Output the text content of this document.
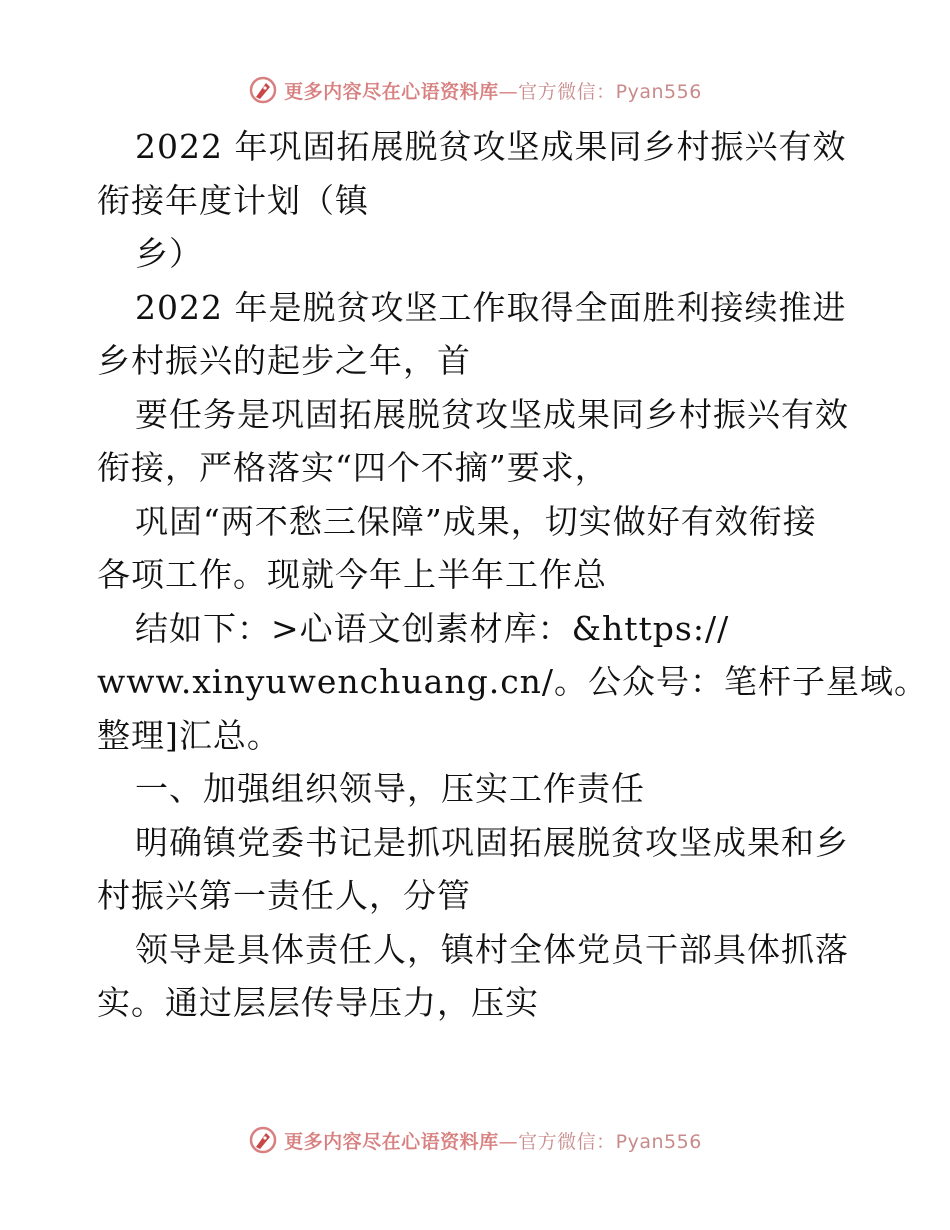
更多内容尽在心语资料库—官方微信：Pyan556
2022 年巩固拓展脱贫攻坚成果同乡村振兴有效
衔接年度计划（镇
乡）
2022 年是脱贫攻坚工作取得全面胜利接续推进
乡村振兴的起步之年，首
要任务是巩固拓展脱贫攻坚成果同乡村振兴有效
衔接，严格落实“四个不摘”要求，
巩固“两不愁三保障”成果，切实做好有效衔接
各项工作。现就今年上半年工作总
结如下：>心语文创素材库：&https://
www.xinyuwenchuang.cn/。公众号：笔杆子星域。
整理]汇总。
一、加强组织领导，压实工作责任
明确镇党委书记是抓巩固拓展脱贫攻坚成果和乡
村振兴第一责任人，分管
领导是具体责任人，镇村全体党员干部具体抓落
实。通过层层传导压力，压实
更多内容尽在心语资料库—官方微信：Pyan556
